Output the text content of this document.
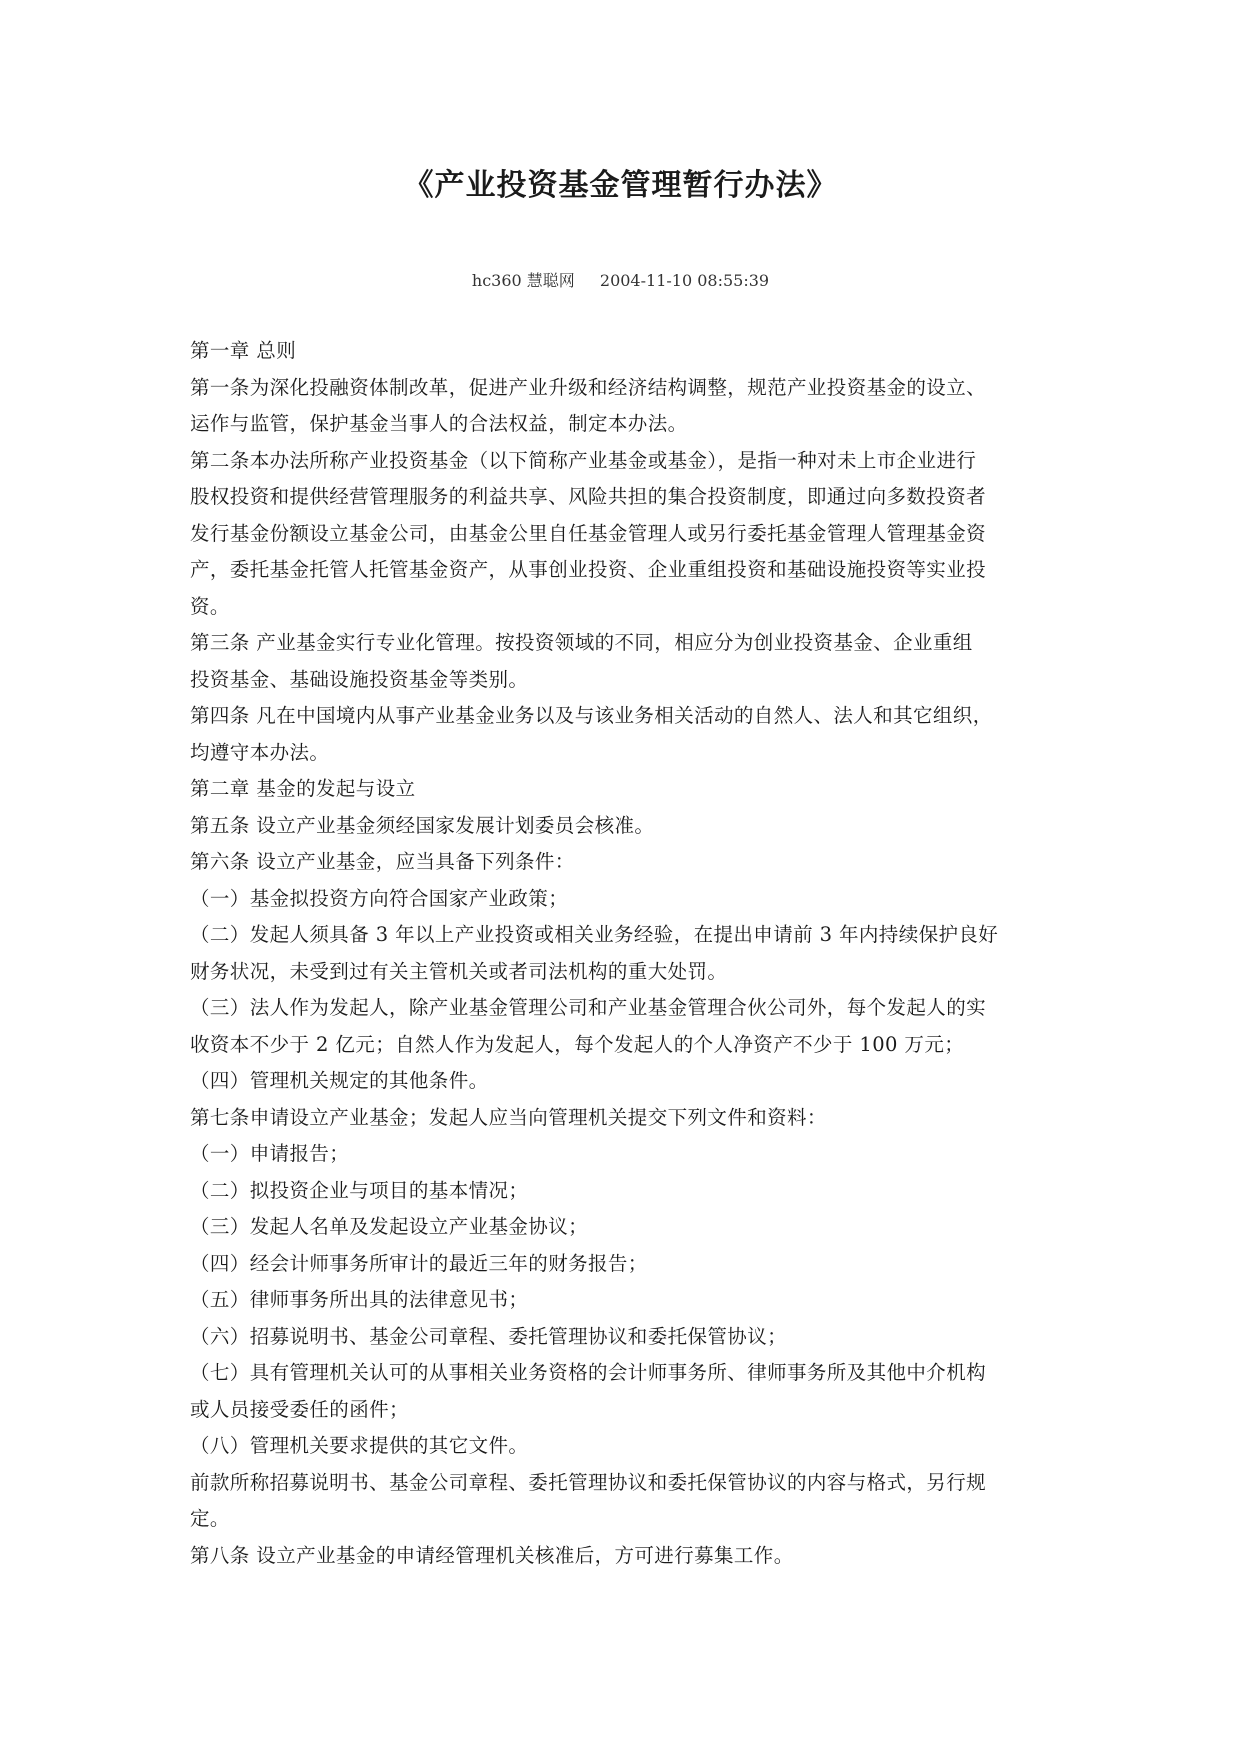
《产业投资基金管理暂行办法》
hc360 慧聪网 2004-11-10 08:55:39

第一章 总则

第一条为深化投融资体制改革，促进产业升级和经济结构调整，规范产业投资基金的设立、

运作与监管，保护基金当事人的合法权益，制定本办法。

第二条本办法所称产业投资基金（以下简称产业基金或基金），是指一种对未上市企业进行

股权投资和提供经营管理服务的利益共享、风险共担的集合投资制度，即通过向多数投资者

发行基金份额设立基金公司，由基金公里自任基金管理人或另行委托基金管理人管理基金资

产，委托基金托管人托管基金资产，从事创业投资、企业重组投资和基础设施投资等实业投

资。

第三条 产业基金实行专业化管理。按投资领域的不同，相应分为创业投资基金、企业重组

投资基金、基础设施投资基金等类别。

第四条 凡在中国境内从事产业基金业务以及与该业务相关活动的自然人、法人和其它组织，

均遵守本办法。

第二章 基金的发起与设立

第五条 设立产业基金须经国家发展计划委员会核准。

第六条 设立产业基金，应当具备下列条件：

（一）基金拟投资方向符合国家产业政策；

（二）发起人须具备 3 年以上产业投资或相关业务经验，在提出申请前 3 年内持续保护良好

财务状况，未受到过有关主管机关或者司法机构的重大处罚。

（三）法人作为发起人，除产业基金管理公司和产业基金管理合伙公司外，每个发起人的实

收资本不少于 2 亿元；自然人作为发起人，每个发起人的个人净资产不少于 100 万元；

（四）管理机关规定的其他条件。

第七条申请设立产业基金；发起人应当向管理机关提交下列文件和资料：

（一）申请报告；

（二）拟投资企业与项目的基本情况；

（三）发起人名单及发起设立产业基金协议；

（四）经会计师事务所审计的最近三年的财务报告；

（五）律师事务所出具的法律意见书；

（六）招募说明书、基金公司章程、委托管理协议和委托保管协议；

（七）具有管理机关认可的从事相关业务资格的会计师事务所、律师事务所及其他中介机构

或人员接受委任的函件；

（八）管理机关要求提供的其它文件。

前款所称招募说明书、基金公司章程、委托管理协议和委托保管协议的内容与格式，另行规

定。

第八条 设立产业基金的申请经管理机关核准后，方可进行募集工作。
